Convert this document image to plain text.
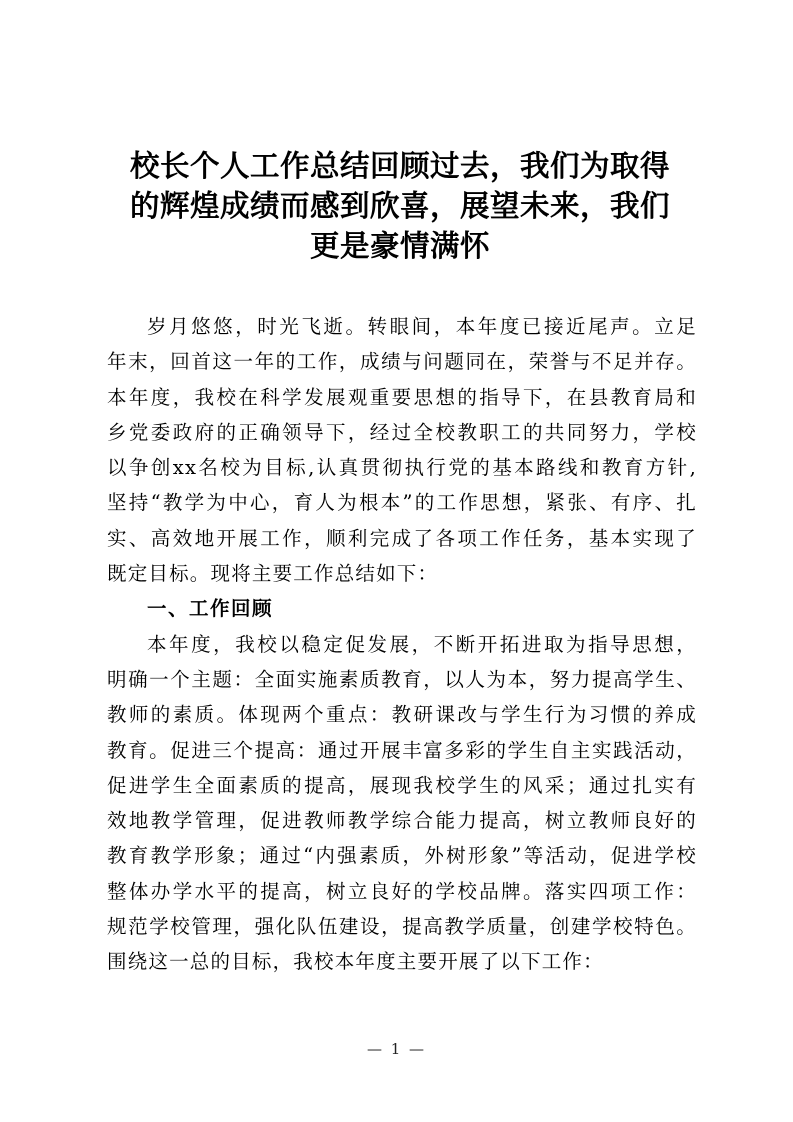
校长个人工作总结回顾过去，我们为取得
的辉煌成绩而感到欣喜，展望未来，我们
更是豪情满怀
岁月悠悠，时光飞逝。转眼间，本年度已接近尾声。立足
年末，回首这一年的工作，成绩与问题同在，荣誉与不足并存。
本年度，我校在科学发展观重要思想的指导下，在县教育局和
乡党委政府的正确领导下，经过全校教职工的共同努力，学校
以争创xx名校为目标,认真贯彻执行党的基本路线和教育方针,
坚持“教学为中心，育人为根本”的工作思想，紧张、有序、扎
实、高效地开展工作，顺利完成了各项工作任务，基本实现了
既定目标。现将主要工作总结如下：
一、工作回顾
本年度，我校以稳定促发展，不断开拓进取为指导思想，
明确一个主题：全面实施素质教育，以人为本，努力提高学生、
教师的素质。体现两个重点：教研课改与学生行为习惯的养成
教育。促进三个提高：通过开展丰富多彩的学生自主实践活动，
促进学生全面素质的提高，展现我校学生的风采；通过扎实有
效地教学管理，促进教师教学综合能力提高，树立教师良好的
教育教学形象；通过“内强素质，外树形象”等活动，促进学校
整体办学水平的提高，树立良好的学校品牌。落实四项工作：
规范学校管理，强化队伍建设，提高教学质量，创建学校特色。
围绕这一总的目标，我校本年度主要开展了以下工作：
— 1 —
